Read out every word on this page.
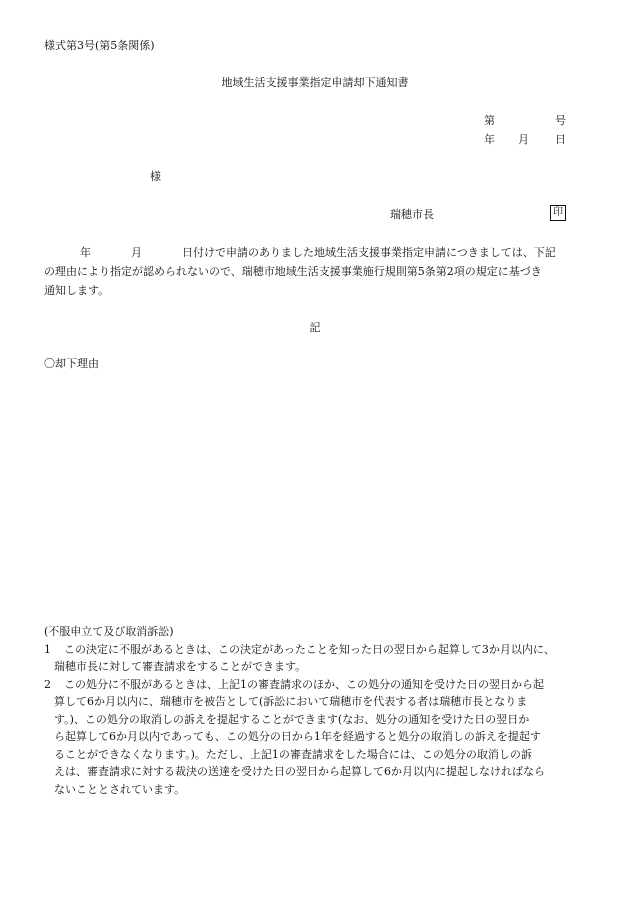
様式第3号(第5条関係)
地域生活支援事業指定申請却下通知書
第	号
年 月 日
様
瑞穂市長	印

年	月	日付けで申請のありました地域生活支援事業指定申請につきましては、下記

の理由により指定が認められないので、瑞穂市地域生活支援事業施行規則第5条第2項の規定に基づき

通知します。

記
〇却下理由

(不服申立て及び取消訴訟)

1 この決定に不服があるときは、この決定があったことを知った日の翌日から起算して3か月以内に、

瑞穂市長に対して審査請求をすることができます。

2 この処分に不服があるときは、上記1の審査請求のほか、この処分の通知を受けた日の翌日から起

算して6か月以内に、瑞穂市を被告として(訴訟において瑞穂市を代表する者は瑞穂市長となりま

す。)、この処分の取消しの訴えを提起することができます(なお、処分の通知を受けた日の翌日か

ら起算して6か月以内であっても、この処分の日から1年を経過すると処分の取消しの訴えを提起す

ることができなくなります。)。ただし、上記1の審査請求をした場合には、この処分の取消しの訴

えは、審査請求に対する裁決の送達を受けた日の翌日から起算して6か月以内に提起しなければなら

ないこととされています。
